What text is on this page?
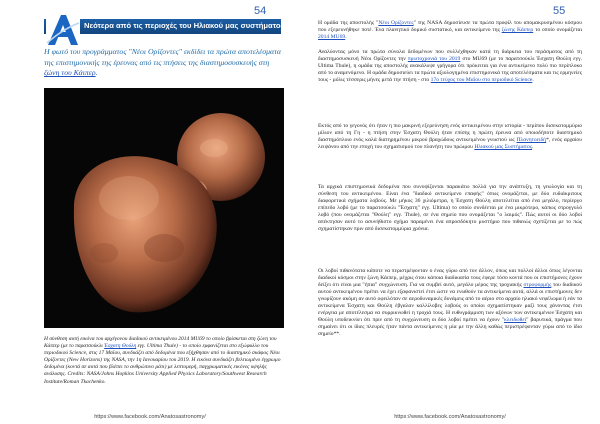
54
Νεότερα από τις περιοχές του Ηλιακού μας συστήματος
Η φωτό του προγράμματος "Νέοι Ορίζοντες" εκδίδει τα πρώτα αποτελέσματα της επιστημονικής της έρευνας από τις πτήσεις της διαστημοσυσκευής στη ζώνη του Κάιπερ.
Η σύνθεση αυτή εικόνα του αρχέγονου διαδικού αντικειμένου 2014 MU69 το οποίο βρίσκεται στη ζώνη του Κάιπερ (με το παρατσούκλι Έσχατη Θούλη εγγ. Ultima Thule) - το οποίο εμφανίζεται στο εξώφυλλο του περιοδικού Science, στις 17 Μαΐου, συνδυάζει από δεδομένα που εξήχθησαν από το διαστημικό σκάφος Νέοι Ορίζοντες (New Horizons) της NASA, την 1η Ιανουαρίου του 2019. Η εικόνα συνδυάζει βελτιωμένο έγχρωμο δεδομένα (κοντά σε αυτά που βλέπει το ανθρώπινο μάτι) με λεπτομερή, παγχρωματικές εικόνες υψηλής ανάλυσης. Credits: NASA/Johns Hopkins University Applied Physics Laboratory/Southwest Research Institute/Roman Tkachenko.
https://www.facebook.com/Anatosastronomy/
55
Η ομάδα της αποστολής "Νέοι Ορίζοντες" της NASA δημοσίευσε τα πρώτα προφίλ του απομακρυσμένου κόσμου που εξερευνήθηκε ποτέ. Ένα πλανητικό δομικό συστατικό, και αντικείμενο της ζώνης Κάιπερ το οποίο ονομάζεται 2014 MU69.
Αναλύοντας μόνο τα πρώτα σύνολα δεδομένων που συλλέχθηκαν κατά τη διάρκεια του περάσματος από τη διαστημοσυσκευή Νέοι Ορίζοντες την πρωτοχρονιά του 2019 στο MU69 (με το παρατσούκλι Έσχατη Θούλη εγγ. Ultima Thule), η ομάδα της αποστολής ανακάλυψε γρήγορα ότι πρόκειται για ένα αντικείμενο πολύ πιο περίπλοκο από το αναμενόμενο. Η ομάδα δημοσιεύει τα πρώτα αξιολογημένα επιστημονικά της αποτελέσματα και τις ερμηνείες τους - μόλις τέσσερις μήνες μετά την πτήση - στο 17ο τεύχος του Μαΐου στο περιοδικό Science.
Εκτός από το γεγονός ότι ήταν η πιο μακρινή εξερεύνηση ενός αντικειμένου στην ιστορία - περίπου δισεκατομμύριο μίλιον από τη Γη - η πτήση στην Έσχατη Θούλη ήταν επίσης η πρώτη έρευνα από οποιοδήποτε διαστημικό διαστημόπλοιο ενός καλά διατηρημένου μικρού βραχώδους αντικειμένου γνωστού ως Πλανητοειδή*, ενός αρχαίου λειψάνου από την εποχή του σχηματισμού του πλανήτη του πρώιμου Ηλιακού μας Συστήματος.
Τα αρχικά επιστημονικά δεδομένα που συνοψίζονται παρακάτω πολλά για την ανάπτυξη, τη γεωλογία και τη σύνθεση του αντικειμένου. Είναι ένα "διαδικό αντικείμενο επαφής" όπως ονομάζεται, με δύο ευδιάκριτους διαφορετικά σχήματα λοβούς. Με μήκος 36 χιλιόμετρα, η Έσχατη Θούλη αποτελείται από ένα μεγάλο, περίεργο επίπεδο λοβό (με το παρατσούκλι "Έσχατη" εγγ. Ultima) το οποίο συνδέεται με ένα μικρότερο, κάπως στρογγυλό λοβό (που ονομάζεται "Θούλη" εγγ. Thule), σε ένα σημείο που ονομάζεται "ο λαιμός". Πώς αυτοί οι δύο λοβοί απέκτησαν αυτό το ασυνήθιστο σχήμα παραμένει ένα απροσδόκητο μυστήριο που πιθανώς σχετίζεται με το πώς σχηματίστηκαν πριν από δισεκατομμύρια χρόνια.
Οι λοβοί πιθανότατα κάποτε να περιστρέφονταν ο ένας γύρω από τον άλλον, όπως και πολλοί άλλοι όπως λέγονται διαδικοί κόσμοι στην ζώνη Κάιπερ, μέχρις ότου κάποια διαδικασία τους έφερε τόσο κοντά που οι επιστήμονες έχουν δείξει ότι είναι μια "ήπια" συγχώνευση. Για να συμβεί αυτό, μεγάλο μέρος της τροχιακής στροφορμής του διαδικού αυτού αντικειμένου πρέπει να έχει εξαφανιστεί έτσι ώστε να ενωθούν τα αντικείμενα αυτά, αλλά οι επιστήμονες δεν γνωρίζουν ακόμη αν αυτό οφειλόταν σε αεροδυναμικές δυνάμεις από το αέριο στο αρχαίο ηλιακό νεφέλωμα ή εάν τα αντικείμενα Έσχατη και Θούλη έβγαλαν καλλίλοβες λοβούς οι οποίοι σχηματίστηκαν μαζί τους χάνοντας έτσι ενέργεια με αποτέλεσμα να συρρικνωθεί η τροχιά τους. Η ευθυγράμμιση των αξόνων των αντικειμένων Έσχατη και Θούλη υποδεικνύει ότι πριν από τη συγχώνευση οι δύο λοβοί πρέπει να έχουν "κλειδωθεί" βαρυτικά, πράγμα που σημαίνει ότι οι ίδιες πλευρές ήταν πάντα αντικείμενες η μία με την άλλη καθώς περιστρέφονταν γύρω από το ίδιο σημείο**.
https://www.facebook.com/Anatosastronomy/
